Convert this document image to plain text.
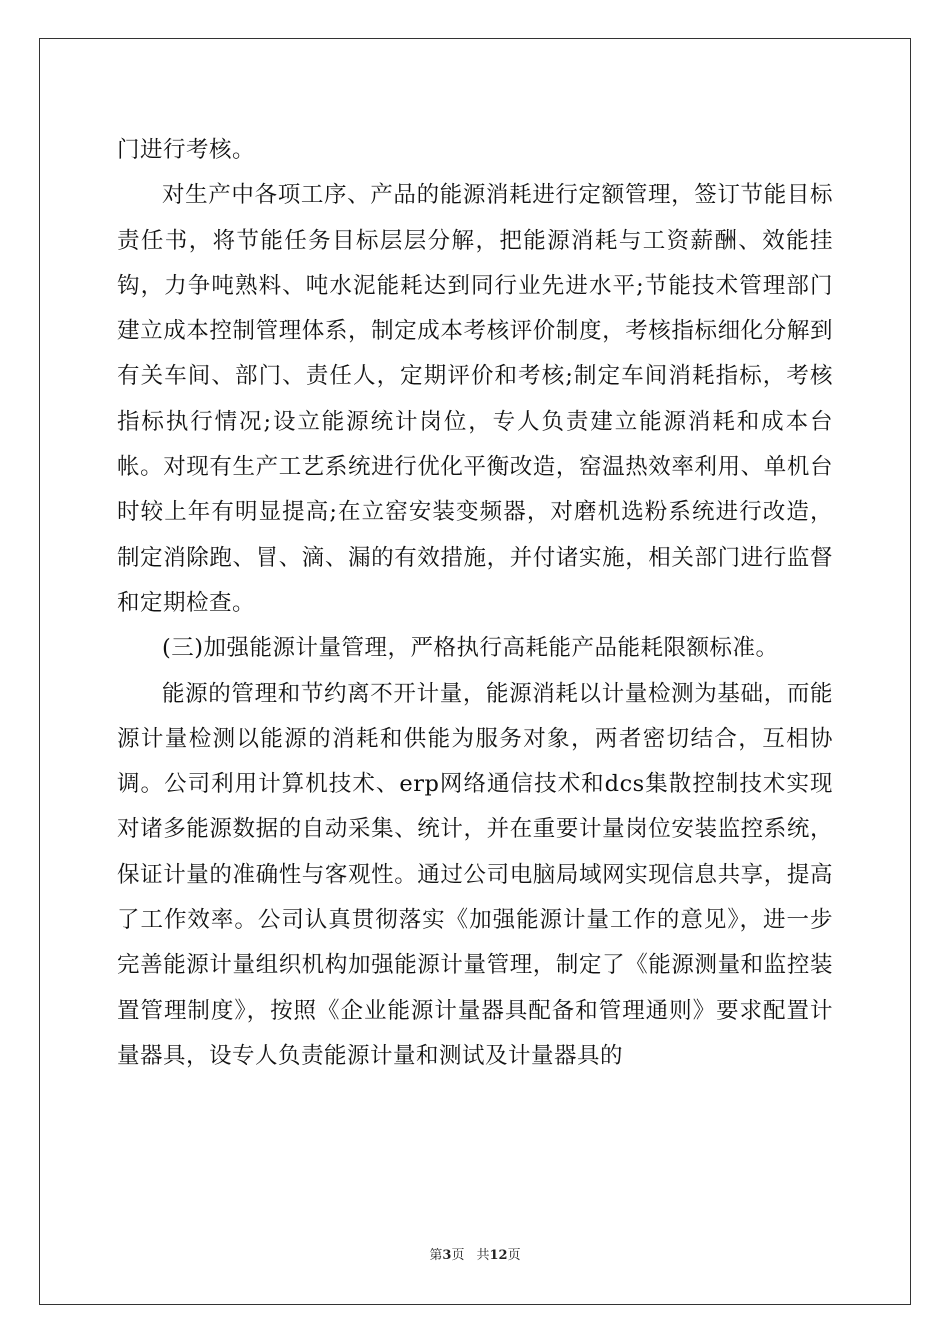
门进行考核。

对生产中各项工序、产品的能源消耗进行定额管理，签订节能目标责任书，将节能任务目标层层分解，把能源消耗与工资薪酬、效能挂钩，力争吨熟料、吨水泥能耗达到同行业先进水平;节能技术管理部门建立成本控制管理体系，制定成本考核评价制度，考核指标细化分解到有关车间、部门、责任人，定期评价和考核;制定车间消耗指标，考核指标执行情况;设立能源统计岗位，专人负责建立能源消耗和成本台帐。对现有生产工艺系统进行优化平衡改造，窑温热效率利用、单机台时较上年有明显提高;在立窑安装变频器，对磨机选粉系统进行改造，制定消除跑、冒、滴、漏的有效措施，并付诸实施，相关部门进行监督和定期检查。

(三)加强能源计量管理，严格执行高耗能产品能耗限额标准。

能源的管理和节约离不开计量，能源消耗以计量检测为基础，而能源计量检测以能源的消耗和供能为服务对象，两者密切结合，互相协调。公司利用计算机技术、erp网络通信技术和dcs集散控制技术实现对诸多能源数据的自动采集、统计，并在重要计量岗位安装监控系统，保证计量的准确性与客观性。通过公司电脑局域网实现信息共享，提高了工作效率。公司认真贯彻落实《加强能源计量工作的意见》，进一步完善能源计量组织机构加强能源计量管理，制定了《能源测量和监控装置管理制度》，按照《企业能源计量器具配备和管理通则》要求配置计量器具，设专人负责能源计量和测试及计量器具的

第3页 共12页
